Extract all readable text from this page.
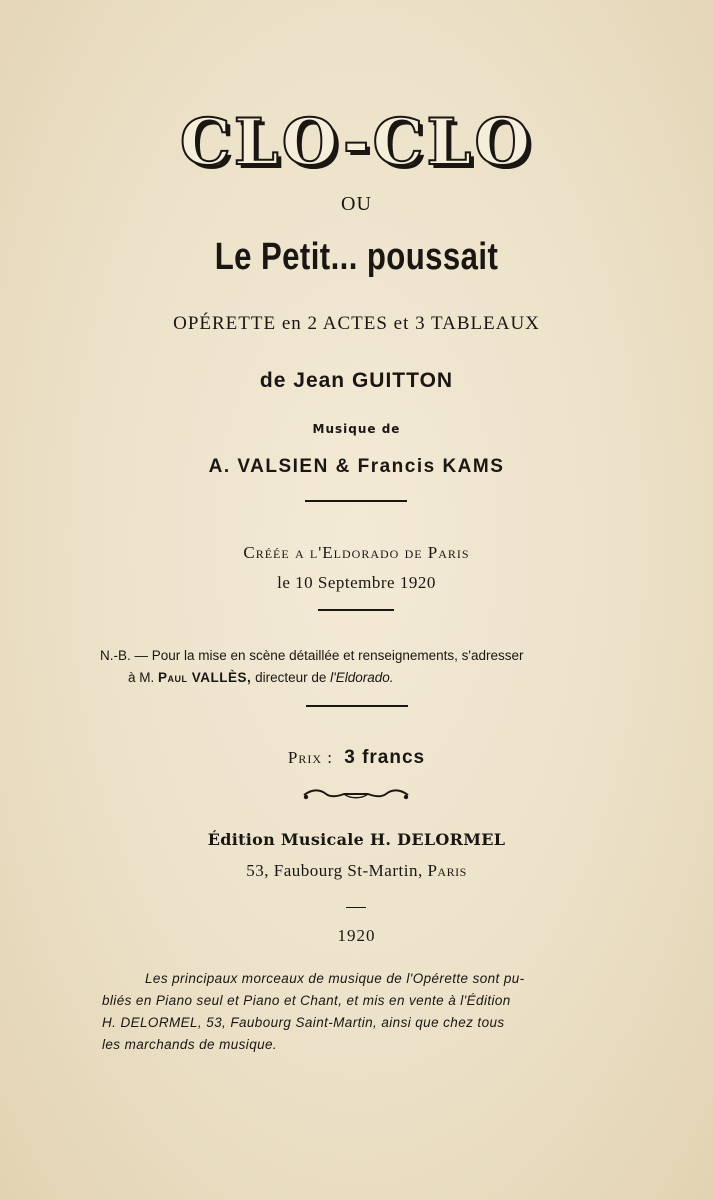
CLO-CLO
OU
Le Petit... poussait
OPÉRETTE en 2 ACTES et 3 TABLEAUX
de Jean GUITTON
Musique de
A. VALSIEN & Francis KAMS
Créée a l'Eldorado de Paris
le 10 Septembre 1920
N.-B. — Pour la mise en scène détaillée et renseignements, s'adresser
à M. Paul VALLÈS, directeur de l'Eldorado.
Prix : 3 francs
Édition Musicale H. DELORMEL
53, Faubourg St-Martin, Paris
1920
Les principaux morceaux de musique de l'Opérette sont pu-
bliés en Piano seul et Piano et Chant, et mis en vente à l'Édition
H. DELORMEL, 53, Faubourg Saint-Martin, ainsi que chez tous
les marchands de musique.
